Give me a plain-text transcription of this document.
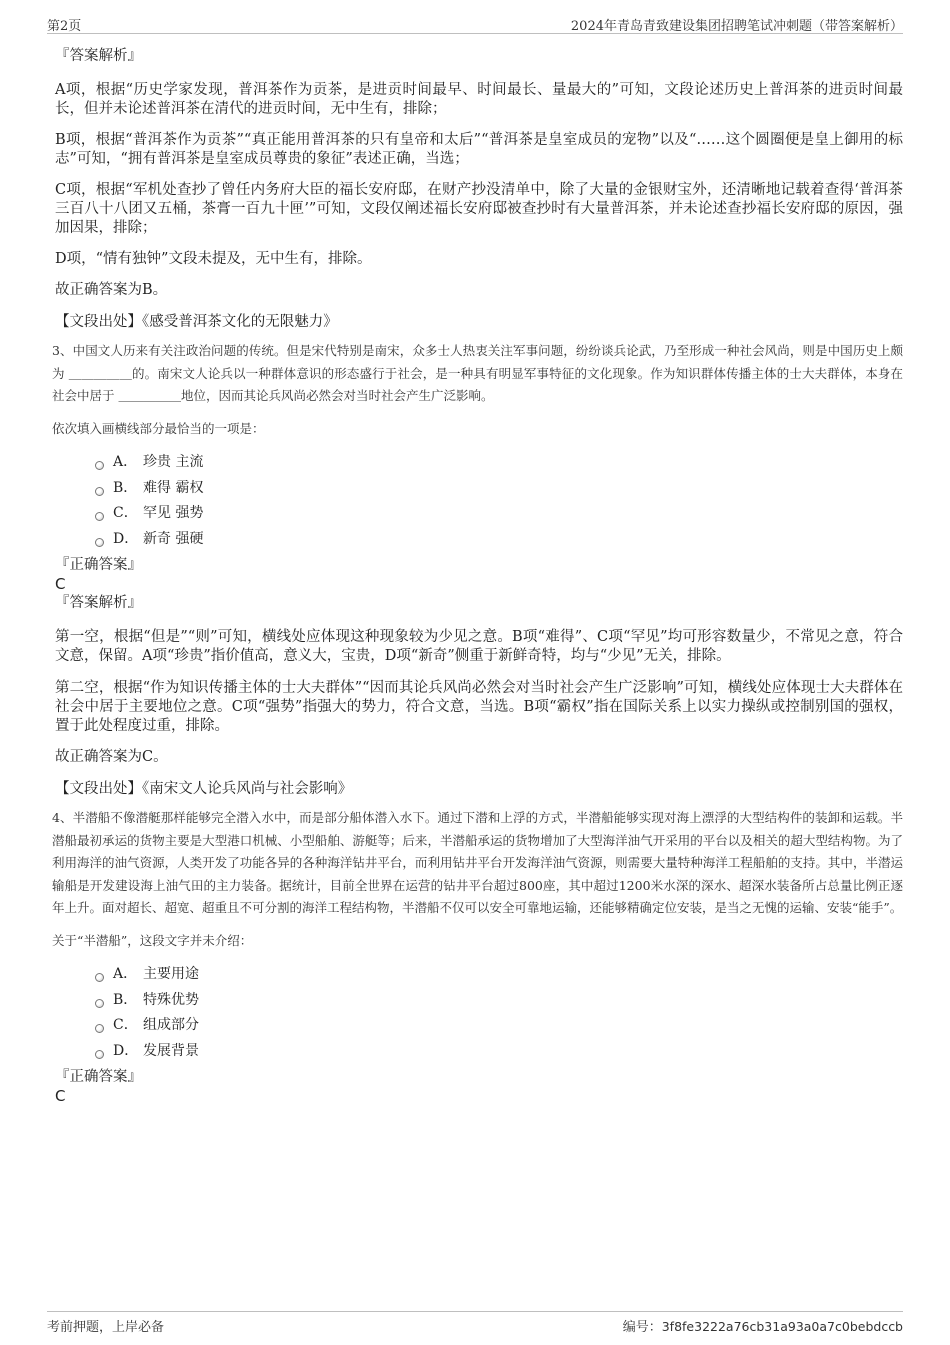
第2页	2024年青岛青致建设集团招聘笔试冲刺题（带答案解析）

『答案解析』

A项，根据“历史学家发现，普洱茶作为贡茶，是进贡时间最早、时间最长、量最大的”可知，文段论述历史上普洱茶的进贡时间最长，但并未论述普洱茶在清代的进贡时间，无中生有，排除；

B项，根据“普洱茶作为贡茶”“真正能用普洱茶的只有皇帝和太后”“普洱茶是皇室成员的宠物”以及“……这个圆圈便是皇上御用的标志”可知，“拥有普洱茶是皇室成员尊贵的象征”表述正确，当选；

C项，根据“军机处查抄了曾任内务府大臣的福长安府邸，在财产抄没清单中，除了大量的金银财宝外，还清晰地记载着查得‘普洱茶三百八十八团又五桶，茶膏一百九十匣’”可知，文段仅阐述福长安府邸被查抄时有大量普洱茶，并未论述查抄福长安府邸的原因，强加因果，排除；

D项，“情有独钟”文段未提及，无中生有，排除。

故正确答案为B。

【文段出处】《感受普洱茶文化的无限魅力》

3、中国文人历来有关注政治问题的传统。但是宋代特别是南宋，众多士人热衷关注军事问题，纷纷谈兵论武，乃至形成一种社会风尚，则是中国历史上颇为 ＿＿＿＿＿的。南宋文人论兵以一种群体意识的形态盛行于社会，是一种具有明显军事特征的文化现象。作为知识群体传播主体的士大夫群体，本身在社会中居于 ＿＿＿＿＿地位，因而其论兵风尚必然会对当时社会产生广泛影响。

依次填入画横线部分最恰当的一项是：

A． 珍贵 主流
B． 难得 霸权
C． 罕见 强势
D． 新奇 强硬

『正确答案』

C

『答案解析』

第一空，根据“但是”“则”可知，横线处应体现这种现象较为少见之意。B项“难得”、C项“罕见”均可形容数量少，不常见之意，符合文意，保留。A项“珍贵”指价值高，意义大，宝贵，D项“新奇”侧重于新鲜奇特，均与“少见”无关，排除。

第二空，根据“作为知识传播主体的士大夫群体”“因而其论兵风尚必然会对当时社会产生广泛影响”可知，横线处应体现士大夫群体在社会中居于主要地位之意。C项“强势”指强大的势力，符合文意，当选。B项“霸权”指在国际关系上以实力操纵或控制别国的强权，置于此处程度过重，排除。

故正确答案为C。

【文段出处】《南宋文人论兵风尚与社会影响》

4、半潜船不像潜艇那样能够完全潜入水中，而是部分船体潜入水下。通过下潜和上浮的方式，半潜船能够实现对海上漂浮的大型结构件的装卸和运载。半潜船最初承运的货物主要是大型港口机械、小型船舶、游艇等；后来，半潜船承运的货物增加了大型海洋油气开采用的平台以及相关的超大型结构物。为了利用海洋的油气资源，人类开发了功能各异的各种海洋钻井平台，而利用钻井平台开发海洋油气资源，则需要大量特种海洋工程船舶的支持。其中，半潜运输船是开发建设海上油气田的主力装备。据统计，目前全世界在运营的钻井平台超过800座，其中超过1200米水深的深水、超深水装备所占总量比例正逐年上升。面对超长、超宽、超重且不可分割的海洋工程结构物，半潜船不仅可以安全可靠地运输，还能够精确定位安装，是当之无愧的运输、安装“能手”。

关于“半潜船”，这段文字并未介绍：

A． 主要用途
B． 特殊优势
C． 组成部分
D． 发展背景

『正确答案』

C

考前押题，上岸必备	编号：3f8fe3222a76cb31a93a0a7c0bebdccb
